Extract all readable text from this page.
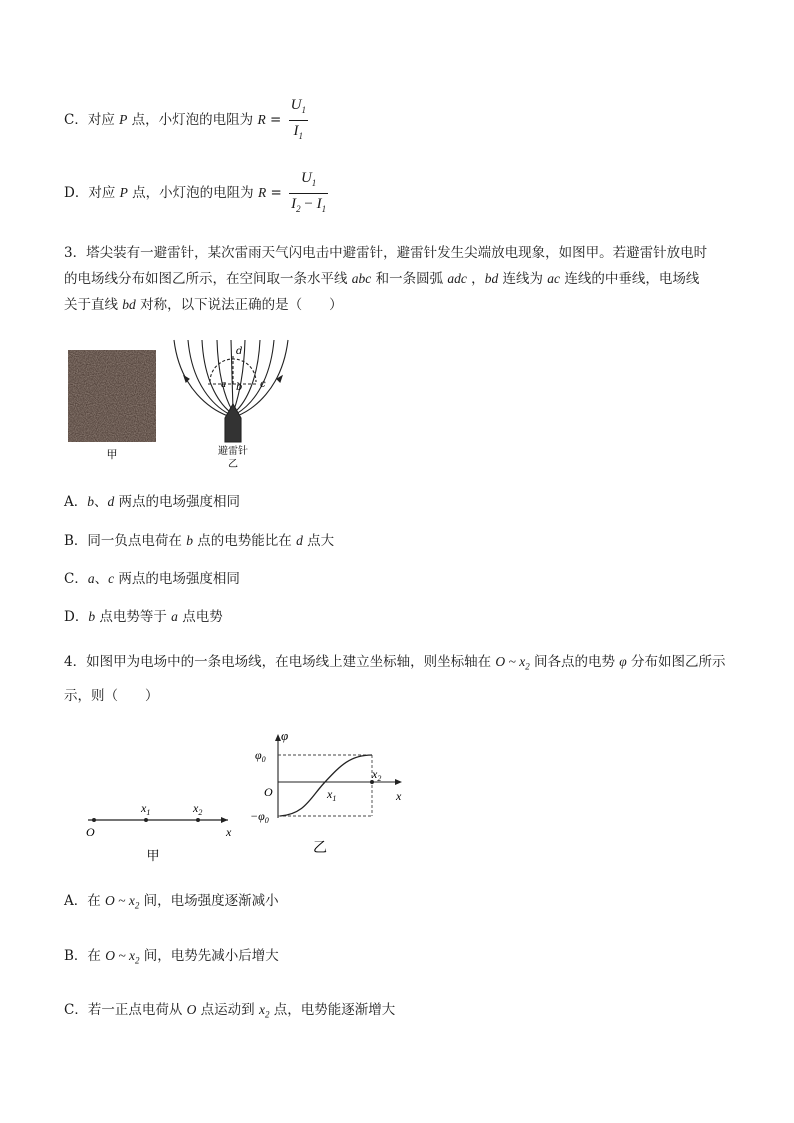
C．对应 P 点，小灯泡的电阻为 $R = \frac{U_1}{I_1}$
D．对应 P 点，小灯泡的电阻为 $R = \frac{U_1}{I_2 - I_1}$
3．塔尖装有一避雷针，某次雷雨天气闪电击中避雷针，避雷针发生尖端放电现象，如图甲。若避雷针放电时
的电场线分布如图乙所示，在空间取一条水平线 abc 和一条圆弧 adc ，bd 连线为 ac 连线的中垂线，电场线
关于直线 bd 对称，以下说法正确的是（　　）
甲
a b c
d
避雷针
乙
A．b、d 两点的电场强度相同
B．同一负点电荷在 b 点的电势能比在 d 点大
C．a、c 两点的电场强度相同
D．b 点电势等于 a 点电势
4．如图甲为电场中的一条电场线，在电场线上建立坐标轴，则坐标轴在 O ~ $x_2$ 间各点的电势 φ 分布如图乙所示
示，则（　　）
O
$x_1$	$x_2$
x
甲
φ
$\varphi_0$
$-\varphi_0$
O	$x_1$
$x_2$
x
乙
A．在 O ~ $x_2$ 间，电场强度逐渐减小
B．在 O ~ $x_2$ 间，电势先减小后增大
C．若一正点电荷从 O 点运动到 $x_2$ 点，电势能逐渐增大
